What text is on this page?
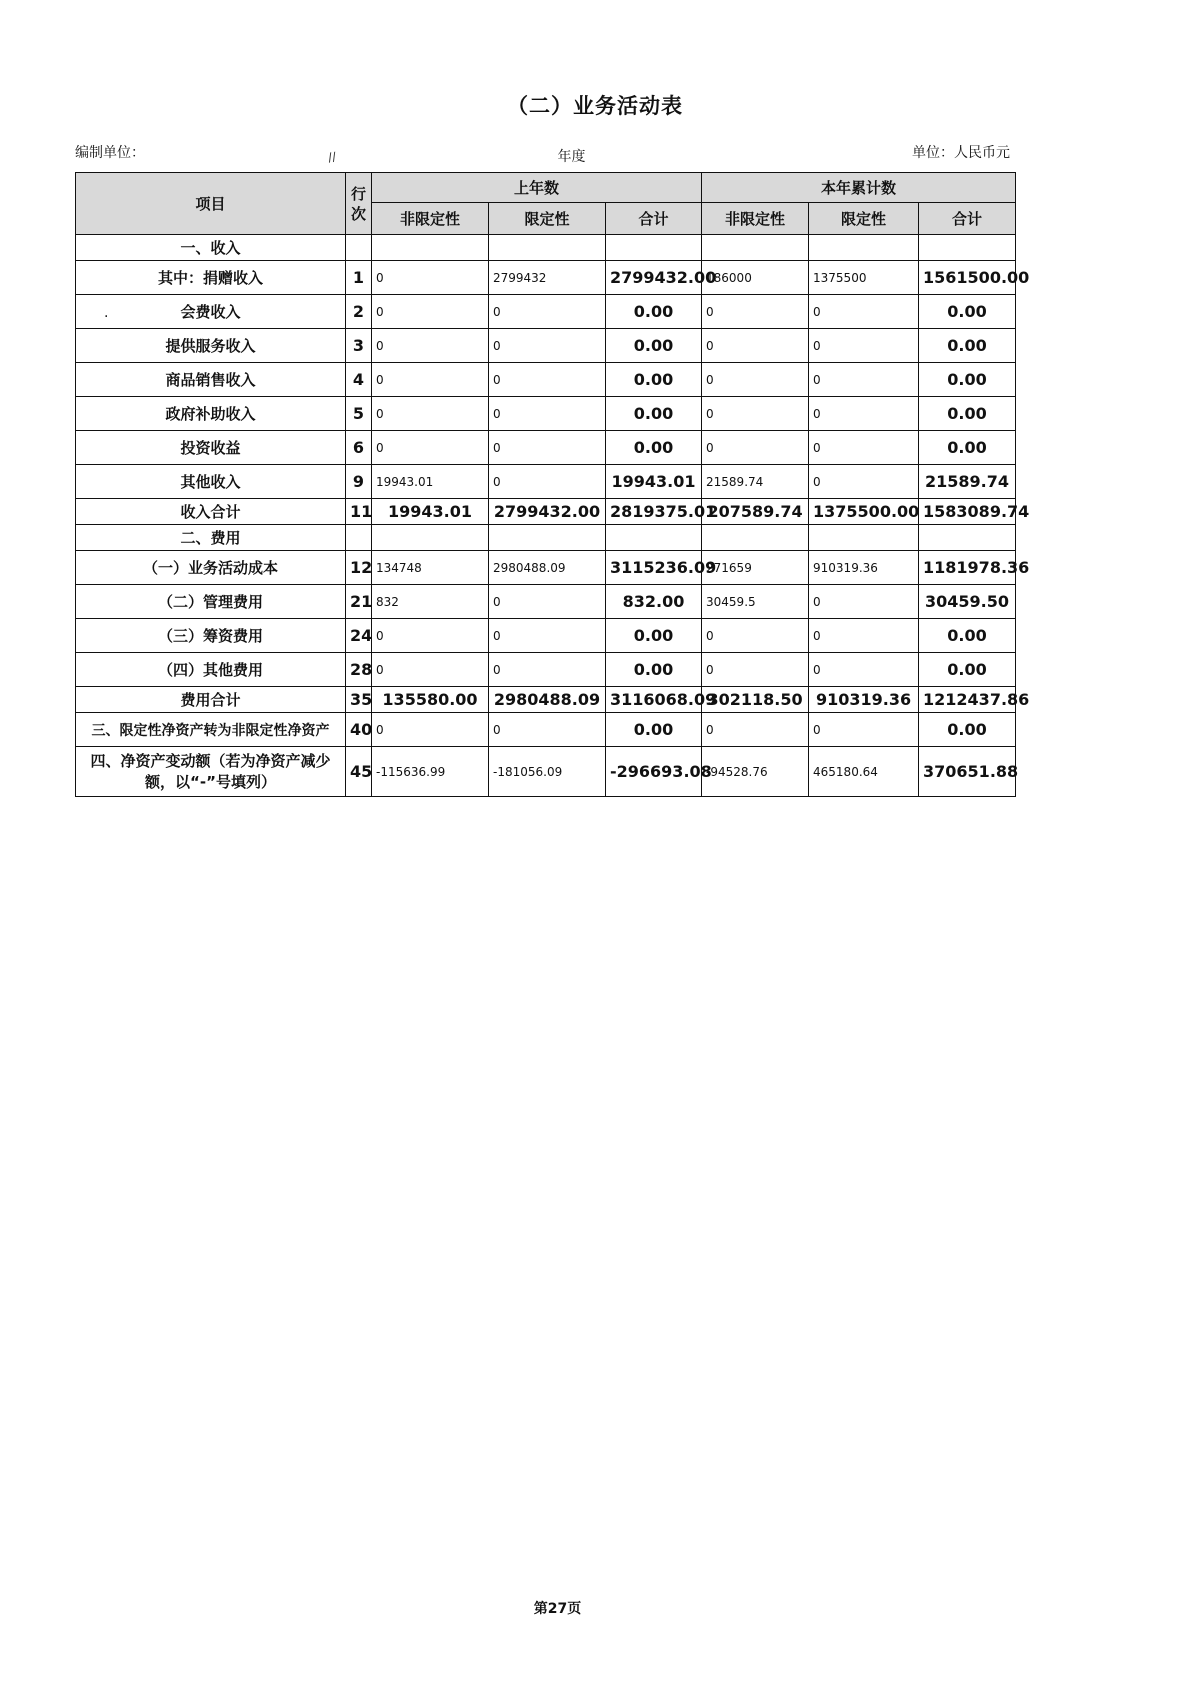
（二）业务活动表
编制单位：	//	年度	单位：人民币元
.
项目	行次	上年数			本年累计数		
		非限定性	限定性	合计	非限定性	限定性	合计
一、收入							
其中：捐赠收入	1	0	2799432	2799432.00	186000	1375500	1561500.00
会费收入	2	0	0	0.00	0	0	0.00
提供服务收入	3	0	0	0.00	0	0	0.00
商品销售收入	4	0	0	0.00	0	0	0.00
政府补助收入	5	0	0	0.00	0	0	0.00
投资收益	6	0	0	0.00	0	0	0.00
其他收入	9	19943.01	0	19943.01	21589.74	0	21589.74
收入合计	11	19943.01	2799432.00	2819375.01	207589.74	1375500.00	1583089.74
二、费用							
（一）业务活动成本	12	134748	2980488.09	3115236.09	271659	910319.36	1181978.36
（二）管理费用	21	832	0	832.00	30459.5	0	30459.50
（三）筹资费用	24	0	0	0.00	0	0	0.00
（四）其他费用	28	0	0	0.00	0	0	0.00
费用合计	35	135580.00	2980488.09	3116068.09	302118.50	910319.36	1212437.86
三、限定性净资产转为非限定性净资产	40	0	0	0.00	0	0	0.00
四、净资产变动额（若为净资产减少额，以“-”号填列）	45	-115636.99	-181056.09	-296693.08	-94528.76	465180.64	370651.88
第27页
